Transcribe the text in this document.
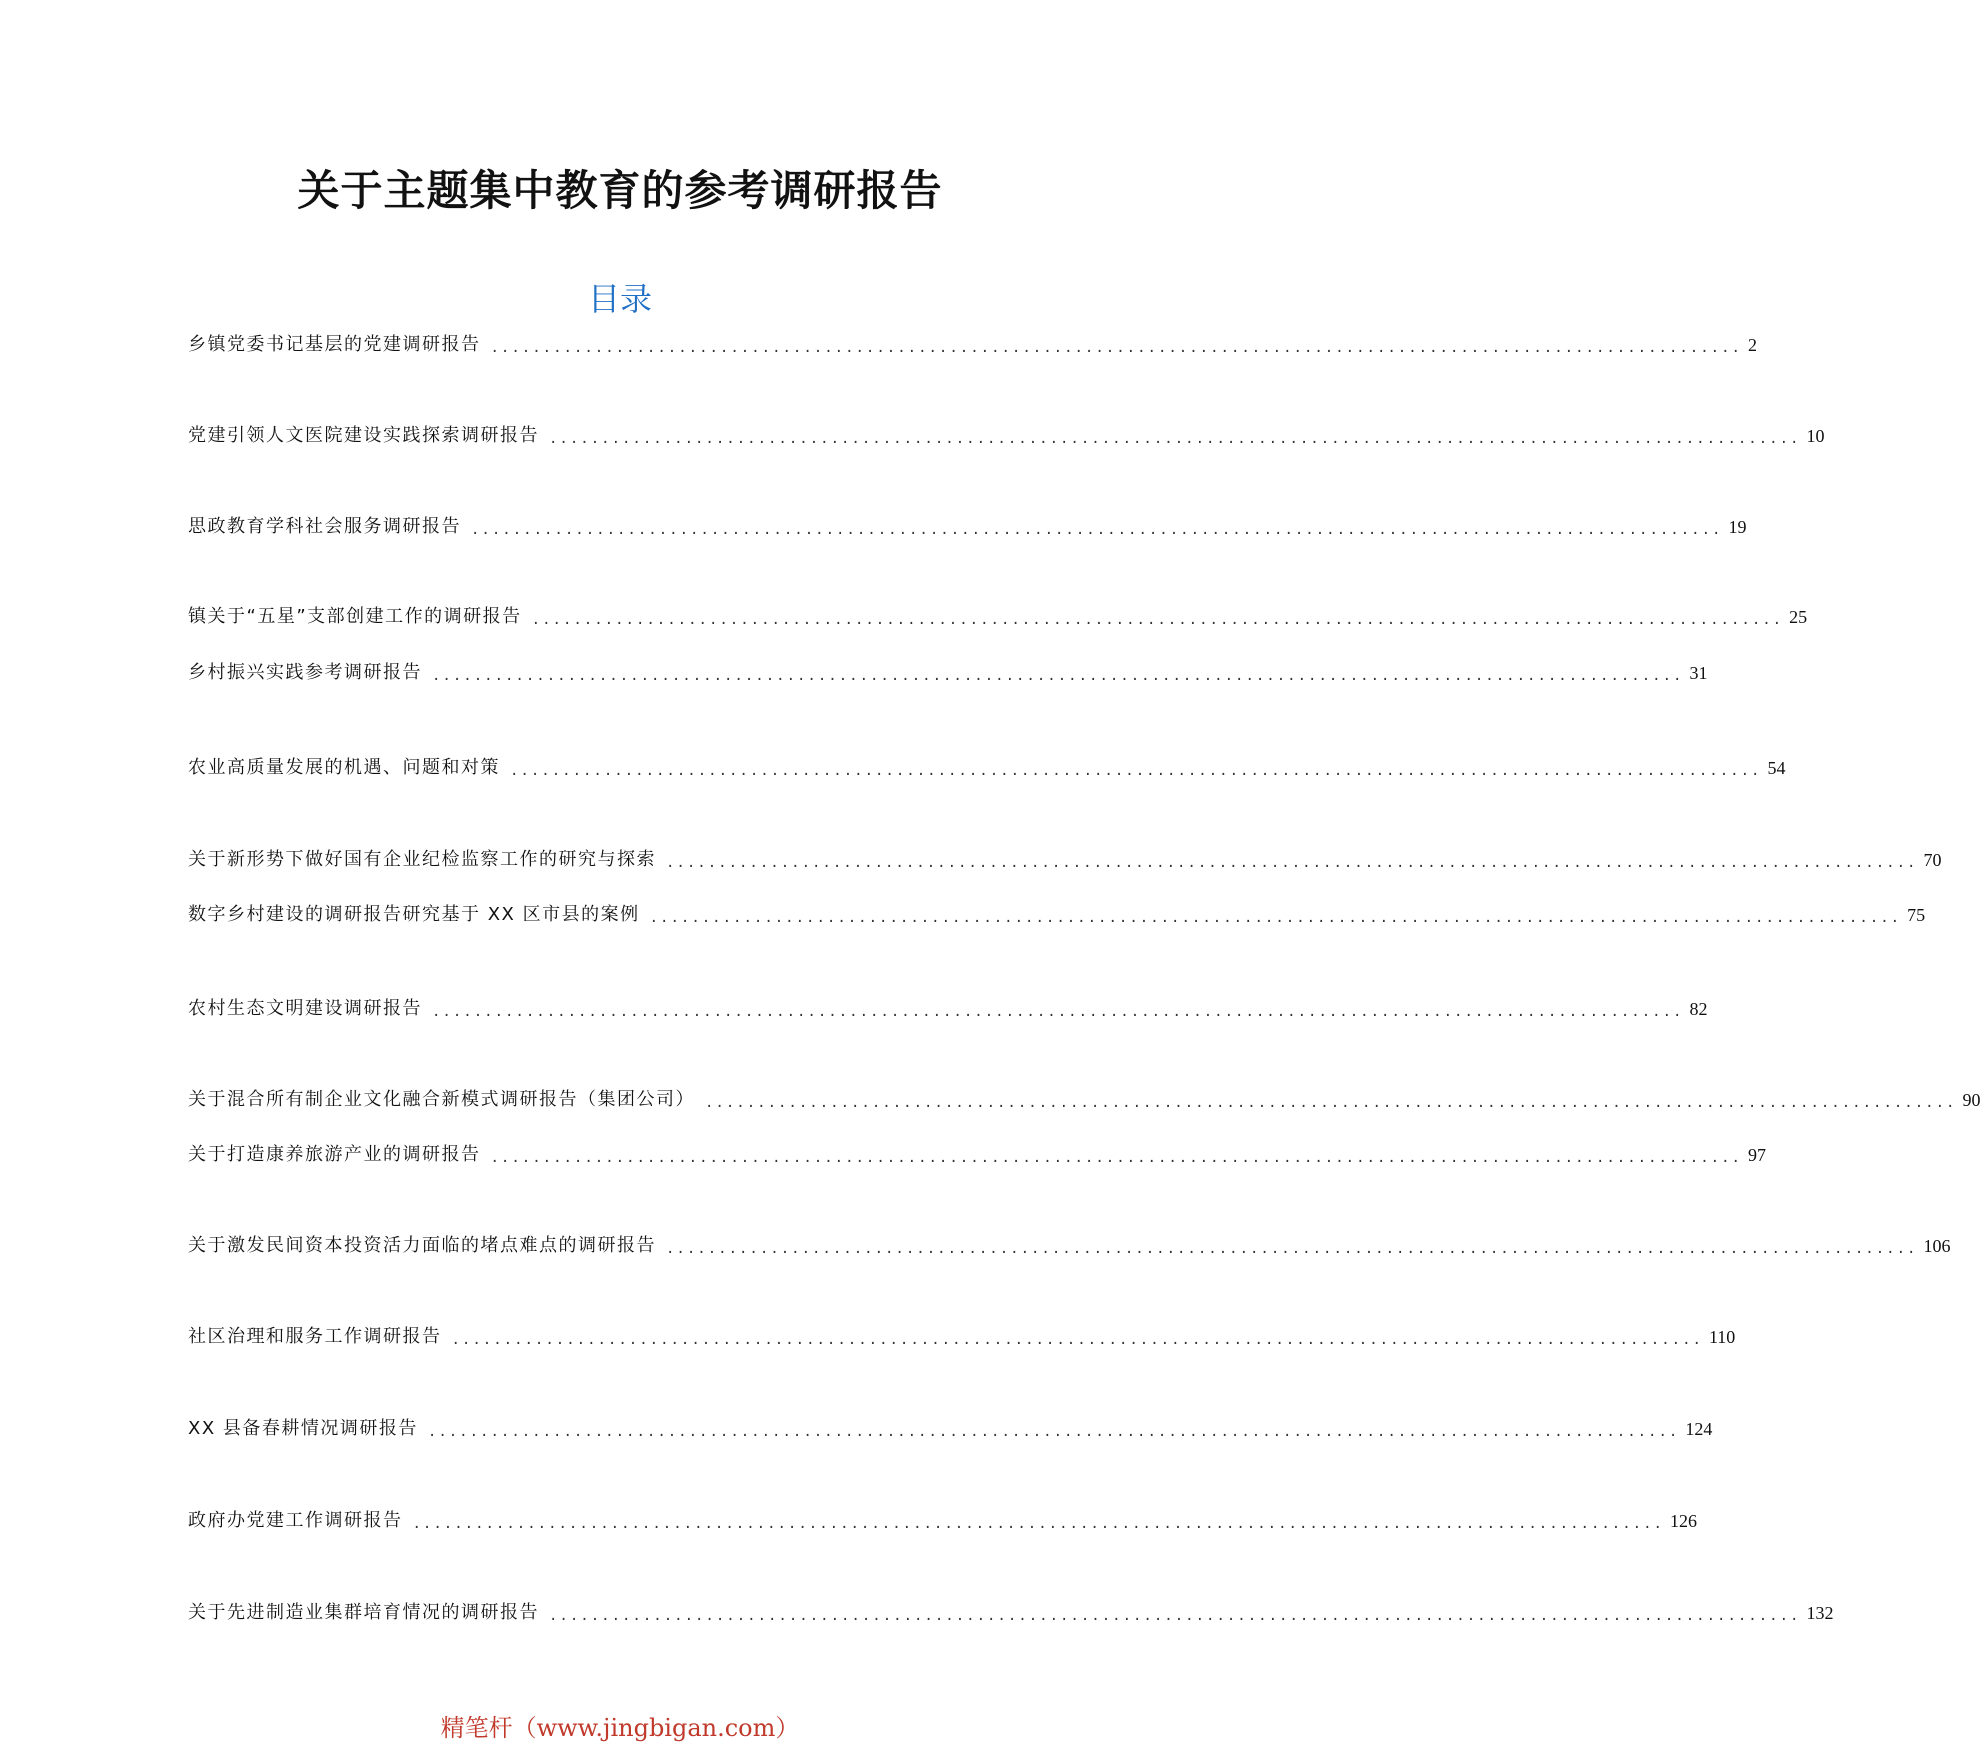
关于主题集中教育的参考调研报告
目录
乡镇党委书记基层的党建调研报告 ........................................................................................................................ 2
党建引领人文医院建设实践探索调研报告 ........................................................................................................................ 10
思政教育学科社会服务调研报告 ........................................................................................................................ 19
镇关于“五星”支部创建工作的调研报告 ........................................................................................................................ 25
乡村振兴实践参考调研报告 ........................................................................................................................ 31
农业高质量发展的机遇、问题和对策 ........................................................................................................................ 54
关于新形势下做好国有企业纪检监察工作的研究与探索 ........................................................................................................................ 70
数字乡村建设的调研报告研究基于 XX 区市县的案例 ........................................................................................................................ 75
农村生态文明建设调研报告 ........................................................................................................................ 82
关于混合所有制企业文化融合新模式调研报告（集团公司） ........................................................................................................................ 90
关于打造康养旅游产业的调研报告 ........................................................................................................................ 97
关于激发民间资本投资活力面临的堵点难点的调研报告 ........................................................................................................................ 106
社区治理和服务工作调研报告 ........................................................................................................................ 110
XX 县备春耕情况调研报告 ........................................................................................................................ 124
政府办党建工作调研报告 ........................................................................................................................ 126
关于先进制造业集群培育情况的调研报告 ........................................................................................................................ 132
精笔杆（www.jingbigan.com）
